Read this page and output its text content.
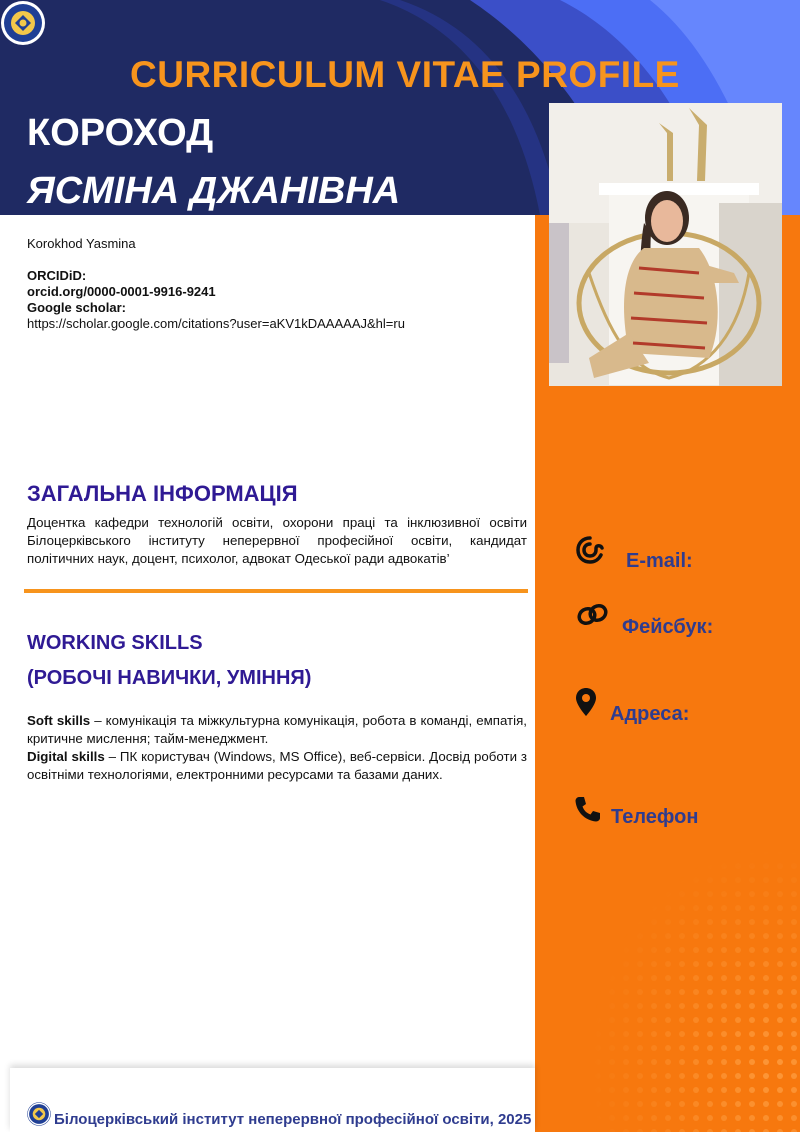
CURRICULUM VITAE PROFILE
КОРОХОД
ЯСМІНА ДЖАНІВНА
Korokhod Yasmina
ORCIDiD:
orcid.org/0000-0001-9916-9241
Google scholar:
https://scholar.google.com/citations?user=aKV1kDAAAAAJ&hl=ru
ЗАГАЛЬНА ІНФОРМАЦІЯ
Доцентка кафедри технологій освіти, охорони праці та інклюзивної освіти Білоцерківського інституту неперервної професійної освіти, кандидат політичних наук, доцент, психолог, адвокат Одеської ради адвокатів’
WORKING SKILLS
(РОБОЧІ НАВИЧКИ, УМІННЯ)
Soft skills – комунікація та міжкультурна комунікація, робота в команді, емпатія, критичне мислення; тайм-менеджмент.
Digital skills – ПК користувач (Windows, MS Office), веб-сервіси. Досвід роботи з освітніми технологіями, електронними ресурсами та базами даних.
E-mail:
Фейсбук:
Адреса:
Телефон
Білоцерківський інститут неперервної професійної освіти, 2025
